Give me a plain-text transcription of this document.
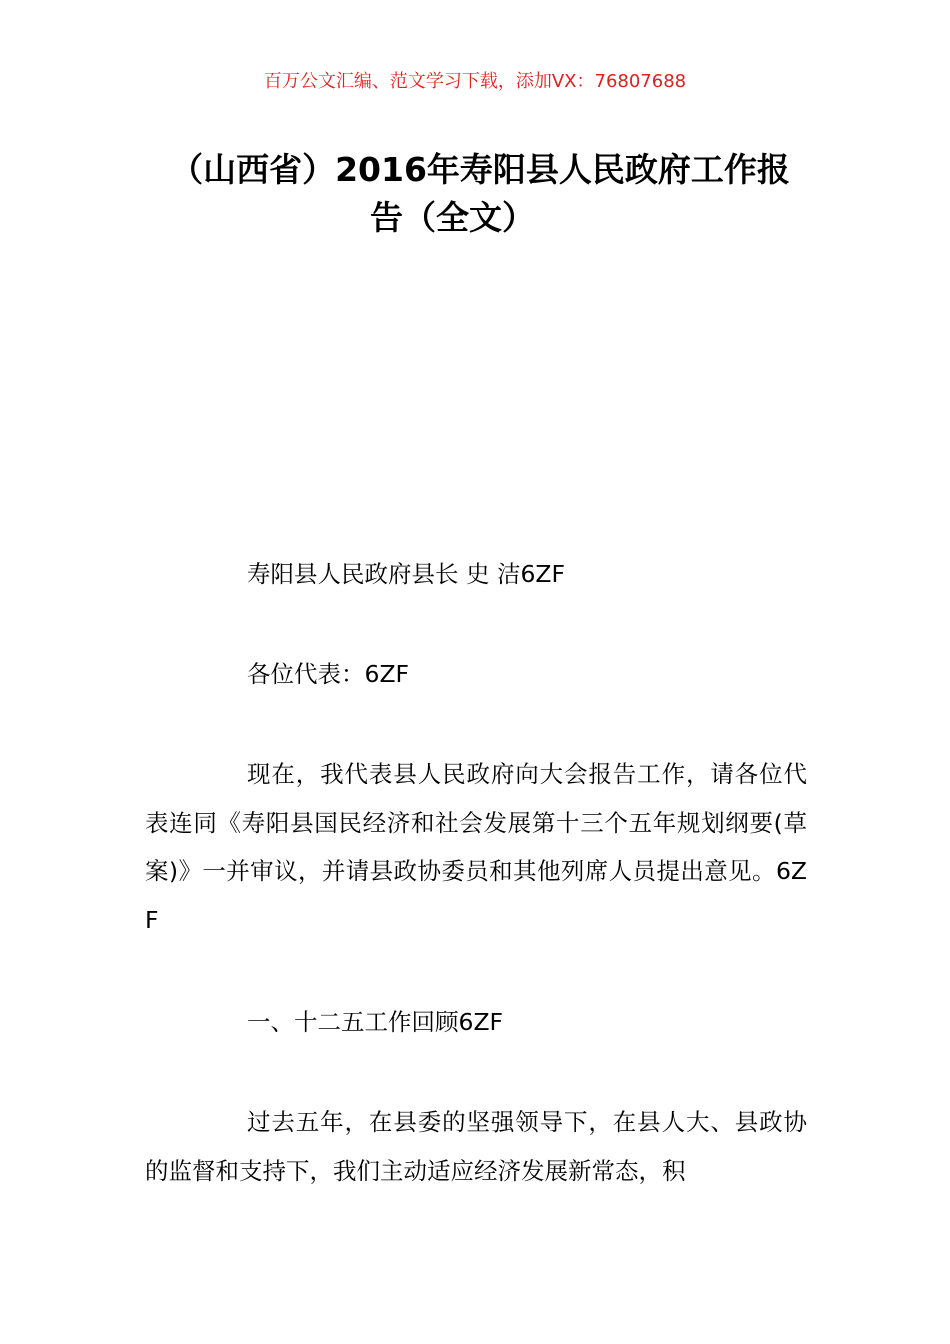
百万公文汇编、范文学习下载，添加VX：76807688
（山西省）2016年寿阳县人民政府工作报
告（全文）

寿阳县人民政府县长 史 洁6ZF

各位代表：6ZF

现在，我代表县人民政府向大会报告工作，请各位代表连同《寿阳县国民经济和社会发展第十三个五年规划纲要(草案)》一并审议，并请县政协委员和其他列席人员提出意见。6ZF

一、十二五工作回顾6ZF

过去五年，在县委的坚强领导下，在县人大、县政协的监督和支持下，我们主动适应经济发展新常态，积
